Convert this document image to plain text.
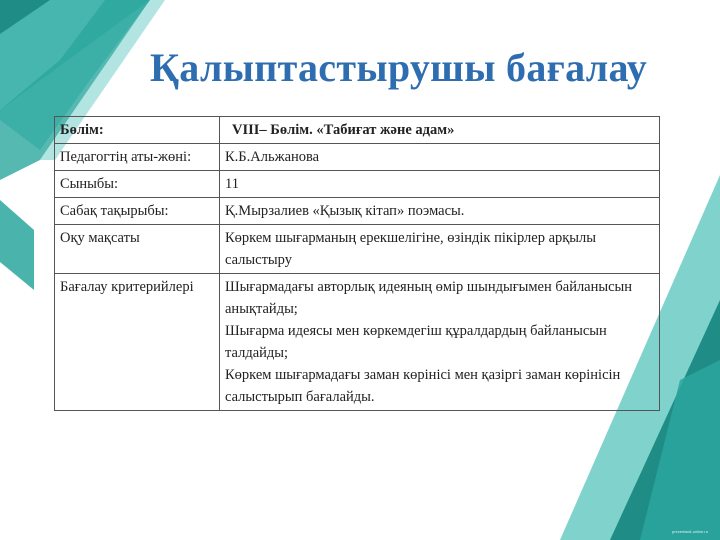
Қалыптастырушы бағалау
Бөлім:	VIII– Бөлім. «Табиғат және адам»
Педагогтің аты-жөні:	К.Б.Альжанова

Сыныбы:	11

Сабақ тақырыбы:	Қ.Мырзалиев «Қызық кітап» поэмасы.

Оқу мақсаты	Көркем шығарманың ерекшелігіне, өзіндік пікірлер арқылы салыстыру

Бағалау критерийлері	Шығармадағы авторлық идеяның өмір шындығымен байланысын анықтайды;
Шығарма идеясы мен көркемдегіш құралдардың байланысын талдайды;
Көркем шығармадағы заман көрінісі мен қазіргі заман көрінісін салыстырып бағалайды.
prezentacii-online.ru
